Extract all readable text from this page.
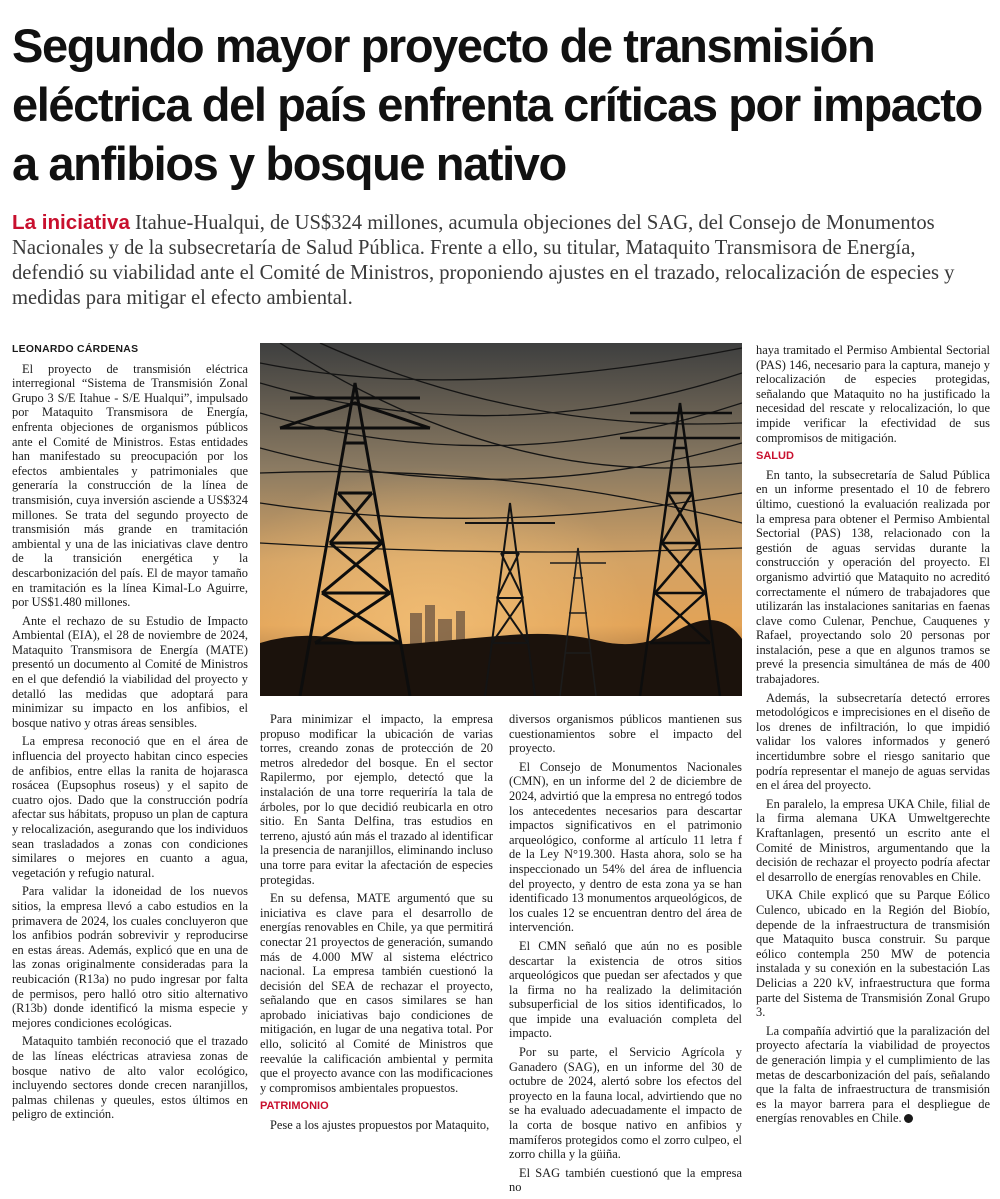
Segundo mayor proyecto de transmisión eléctrica del país enfrenta críticas por impacto a anfibios y bosque nativo

La iniciativa Itahue-Hualqui, de US$324 millones, acumula objeciones del SAG, del Consejo de Monumentos Nacionales y de la subsecretaría de Salud Pública. Frente a ello, su titular, Mataquito Transmisora de Energía, defendió su viabilidad ante el Comité de Ministros, proponiendo ajustes en el trazado, relocalización de especies y medidas para mitigar el efecto ambiental.

LEONARDO CÁRDENAS

El proyecto de transmisión eléctrica interregional “Sistema de Transmisión Zonal Grupo 3 S/E Itahue - S/E Hualqui”, impulsado por Mataquito Transmisora de Energía, enfrenta objeciones de organismos públicos ante el Comité de Ministros. Estas entidades han manifestado su preocupación por los efectos ambientales y patrimoniales que generaría la construcción de la línea de transmisión, cuya inversión asciende a US$324 millones. Se trata del segundo proyecto de transmisión más grande en tramitación ambiental y una de las iniciativas clave dentro de la transición energética y la descarbonización del país. El de mayor tamaño en tramitación es la línea Kimal-Lo Aguirre, por US$1.480 millones.

Ante el rechazo de su Estudio de Impacto Ambiental (EIA), el 28 de noviembre de 2024, Mataquito Transmisora de Energía (MATE) presentó un documento al Comité de Ministros en el que defendió la viabilidad del proyecto y detalló las medidas que adoptará para minimizar su impacto en los anfibios, el bosque nativo y otras áreas sensibles.

La empresa reconoció que en el área de influencia del proyecto habitan cinco especies de anfibios, entre ellas la ranita de hojarasca rosácea (Eupsophus roseus) y el sapito de cuatro ojos. Dado que la construcción podría afectar sus hábitats, propuso un plan de captura y relocalización, asegurando que los individuos sean trasladados a zonas con condiciones similares o mejores en cuanto a agua, vegetación y refugio natural.

Para validar la idoneidad de los nuevos sitios, la empresa llevó a cabo estudios en la primavera de 2024, los cuales concluyeron que los anfibios podrán sobrevivir y reproducirse en estas áreas. Además, explicó que en una de las zonas originalmente consideradas para la reubicación (R13a) no pudo ingresar por falta de permisos, pero halló otro sitio alternativo (R13b) donde identificó la misma especie y mejores condiciones ecológicas.

Mataquito también reconoció que el trazado de las líneas eléctricas atraviesa zonas de bosque nativo de alto valor ecológico, incluyendo sectores donde crecen naranjillos, palmas chilenas y queules, estos últimos en peligro de extinción.

Para minimizar el impacto, la empresa propuso modificar la ubicación de varias torres, creando zonas de protección de 20 metros alrededor del bosque. En el sector Rapilermo, por ejemplo, detectó que la instalación de una torre requeriría la tala de árboles, por lo que decidió reubicarla en otro sitio. En Santa Delfina, tras estudios en terreno, ajustó aún más el trazado al identificar la presencia de naranjillos, eliminando incluso una torre para evitar la afectación de especies protegidas.

En su defensa, MATE argumentó que su iniciativa es clave para el desarrollo de energías renovables en Chile, ya que permitirá conectar 21 proyectos de generación, sumando más de 4.000 MW al sistema eléctrico nacional. La empresa también cuestionó la decisión del SEA de rechazar el proyecto, señalando que en casos similares se han aprobado iniciativas bajo condiciones de mitigación, en lugar de una negativa total. Por ello, solicitó al Comité de Ministros que reevalúe la calificación ambiental y permita que el proyecto avance con las modificaciones y compromisos ambientales propuestos.

PATRIMONIO

Pese a los ajustes propuestos por Mataquito,

diversos organismos públicos mantienen sus cuestionamientos sobre el impacto del proyecto.

El Consejo de Monumentos Nacionales (CMN), en un informe del 2 de diciembre de 2024, advirtió que la empresa no entregó todos los antecedentes necesarios para descartar impactos significativos en el patrimonio arqueológico, conforme al artículo 11 letra f de la Ley N°19.300. Hasta ahora, solo se ha inspeccionado un 54% del área de influencia del proyecto, y dentro de esta zona ya se han identificado 13 monumentos arqueológicos, de los cuales 12 se encuentran dentro del área de intervención.

El CMN señaló que aún no es posible descartar la existencia de otros sitios arqueológicos que puedan ser afectados y que la firma no ha realizado la delimitación subsuperficial de los sitios identificados, lo que impide una evaluación completa del impacto.

Por su parte, el Servicio Agrícola y Ganadero (SAG), en un informe del 30 de octubre de 2024, alertó sobre los efectos del proyecto en la fauna local, advirtiendo que no se ha evaluado adecuadamente el impacto de la corta de bosque nativo en anfibios y mamíferos protegidos como el zorro culpeo, el zorro chilla y la güiña.

El SAG también cuestionó que la empresa no

haya tramitado el Permiso Ambiental Sectorial (PAS) 146, necesario para la captura, manejo y relocalización de especies protegidas, señalando que Mataquito no ha justificado la necesidad del rescate y relocalización, lo que impide verificar la efectividad de sus compromisos de mitigación.

SALUD

En tanto, la subsecretaría de Salud Pública en un informe presentado el 10 de febrero último, cuestionó la evaluación realizada por la empresa para obtener el Permiso Ambiental Sectorial (PAS) 138, relacionado con la gestión de aguas servidas durante la construcción y operación del proyecto. El organismo advirtió que Mataquito no acreditó correctamente el número de trabajadores que utilizarán las instalaciones sanitarias en faenas clave como Culenar, Penchue, Cauquenes y Rafael, proyectando solo 20 personas por instalación, pese a que en algunos tramos se prevé la presencia simultánea de más de 400 trabajadores.

Además, la subsecretaría detectó errores metodológicos e imprecisiones en el diseño de los drenes de infiltración, lo que impidió validar los valores informados y generó incertidumbre sobre el riesgo sanitario que podría representar el manejo de aguas servidas en el área del proyecto.

En paralelo, la empresa UKA Chile, filial de la firma alemana UKA Umweltgerechte Kraftanlagen, presentó un escrito ante el Comité de Ministros, argumentando que la decisión de rechazar el proyecto podría afectar el desarrollo de energías renovables en Chile.

UKA Chile explicó que su Parque Eólico Culenco, ubicado en la Región del Biobío, depende de la infraestructura de transmisión que Mataquito busca construir. Su parque eólico contempla 250 MW de potencia instalada y su conexión en la subestación Las Delicias a 220 kV, infraestructura que forma parte del Sistema de Transmisión Zonal Grupo 3.

La compañía advirtió que la paralización del proyecto afectaría la viabilidad de proyectos de generación limpia y el cumplimiento de las metas de descarbonización del país, señalando que la falta de infraestructura de transmisión es la mayor barrera para el despliegue de energías renovables en Chile.
